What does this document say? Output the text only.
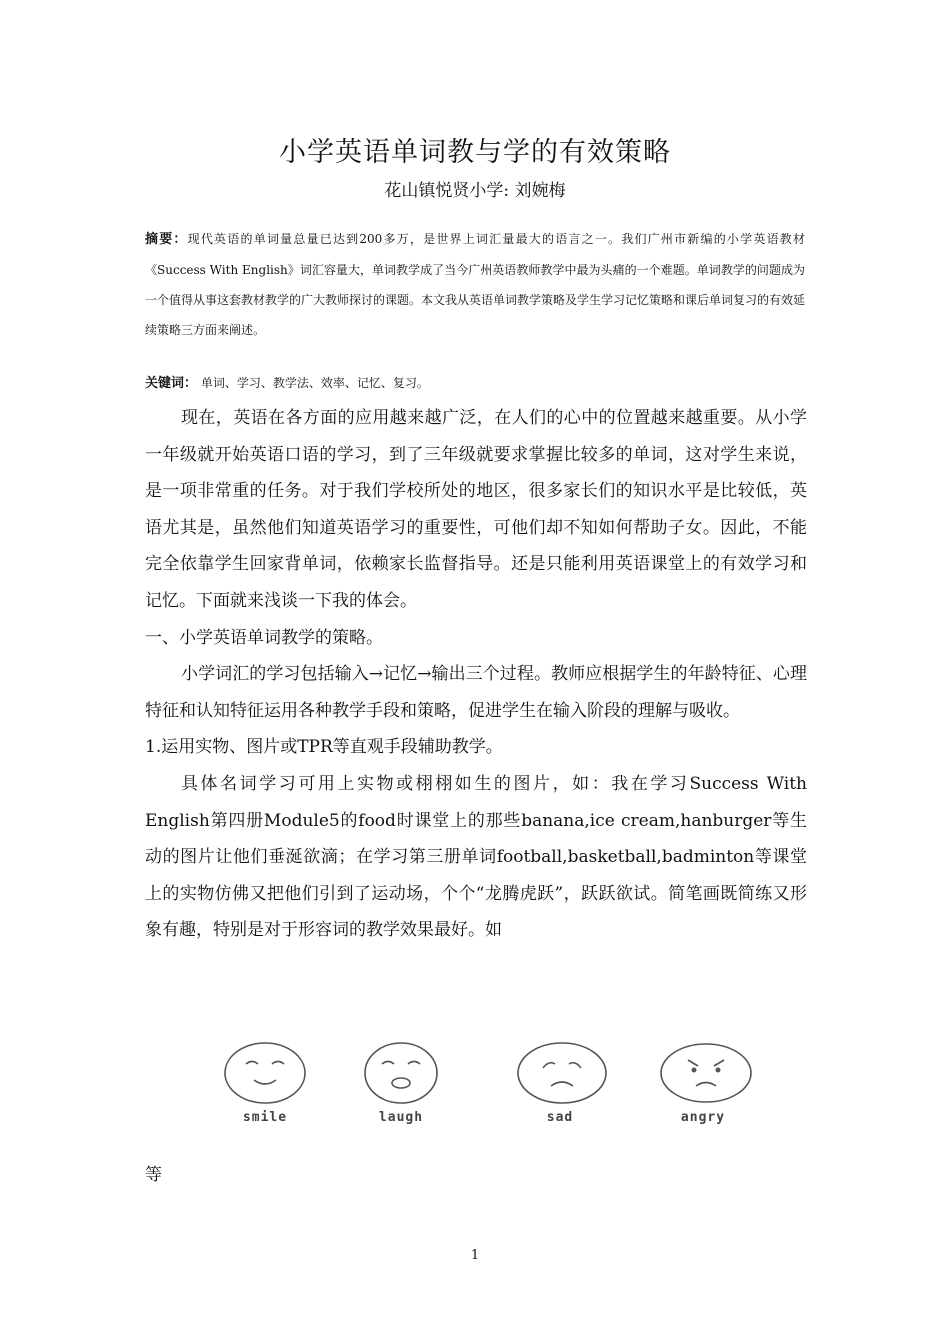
小学英语单词教与学的有效策略
花山镇悦贤小学: 刘婉梅
摘要：现代英语的单词量总量已达到200多万，是世界上词汇量最大的语言之一。我们广州市新编的小学英语教材《Success With English》词汇容量大，单词教学成了当今广州英语教师教学中最为头痛的一个难题。单词教学的问题成为一个值得从事这套教材教学的广大教师探讨的课题。本文我从英语单词教学策略及学生学习记忆策略和课后单词复习的有效延续策略三方面来阐述。
关键词： 单词、学习、教学法、效率、记忆、复习。

现在，英语在各方面的应用越来越广泛，在人们的心中的位置越来越重要。从小学一年级就开始英语口语的学习，到了三年级就要求掌握比较多的单词，这对学生来说，是一项非常重的任务。对于我们学校所处的地区，很多家长们的知识水平是比较低，英语尤其是，虽然他们知道英语学习的重要性，可他们却不知如何帮助子女。因此，不能完全依靠学生回家背单词，依赖家长监督指导。还是只能利用英语课堂上的有效学习和记忆。下面就来浅谈一下我的体会。

一、小学英语单词教学的策略。

小学词汇的学习包括输入→记忆→输出三个过程。教师应根据学生的年龄特征、心理特征和认知特征运用各种教学手段和策略，促进学生在输入阶段的理解与吸收。

1.运用实物、图片或TPR等直观手段辅助教学。

具体名词学习可用上实物或栩栩如生的图片，如：我在学习Success With English第四册Module5的food时课堂上的那些banana,ice cream,hanburger等生动的图片让他们垂涎欲滴；在学习第三册单词football,basketball,badminton等课堂上的实物仿佛又把他们引到了运动场，个个“龙腾虎跃”，跃跃欲试。简笔画既简练又形象有趣，特别是对于形容词的教学效果最好。如

smile	laugh	sad	angry
等
1
